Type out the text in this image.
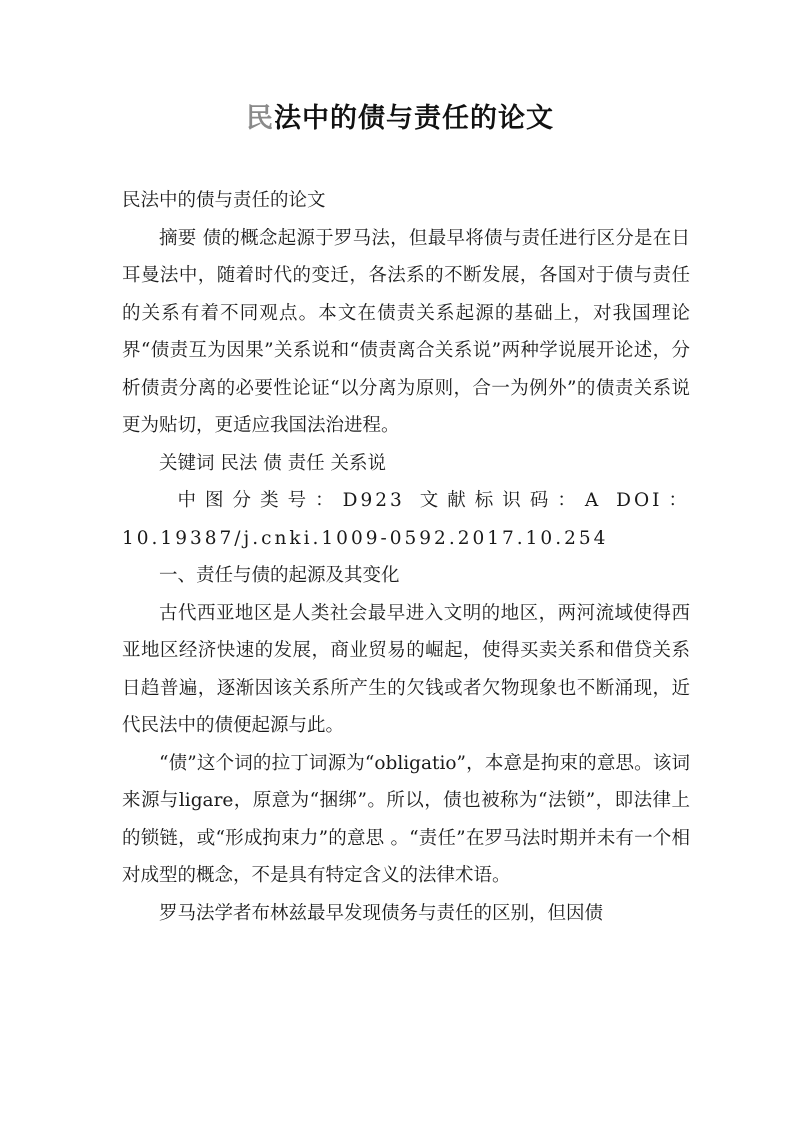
民法中的债与责任的论文

民法中的债与责任的论文

摘要 债的概念起源于罗马法，但最早将债与责任进行区分是在日耳曼法中，随着时代的变迁，各法系的不断发展，各国对于债与责任的关系有着不同观点。本文在债责关系起源的基础上，对我国理论界“债责互为因果”关系说和“债责离合关系说”两种学说展开论述，分析债责分离的必要性论证“以分离为原则，合一为例外”的债责关系说更为贴切，更适应我国法治进程。

关键词 民法 债 责任 关系说

中图分类号：D923 文献标识码：A DOI：10.19387/j.cnki.1009-0592.2017.10.254

一、责任与债的起源及其变化

古代西亚地区是人类社会最早进入文明的地区，两河流域使得西亚地区经济快速的发展，商业贸易的崛起，使得买卖关系和借贷关系日趋普遍，逐渐因该关系所产生的欠钱或者欠物现象也不断涌现，近代民法中的债便起源与此。

“债”这个词的拉丁词源为“obligatio”，本意是拘束的意思。该词来源与ligare，原意为“捆绑”。所以，债也被称为“法锁”，即法律上的锁链，或“形成拘束力”的意思 。“责任”在罗马法时期并未有一个相对成型的概念，不是具有特定含义的法律术语。

罗马法学者布林兹最早发现债务与责任的区别，但因债
